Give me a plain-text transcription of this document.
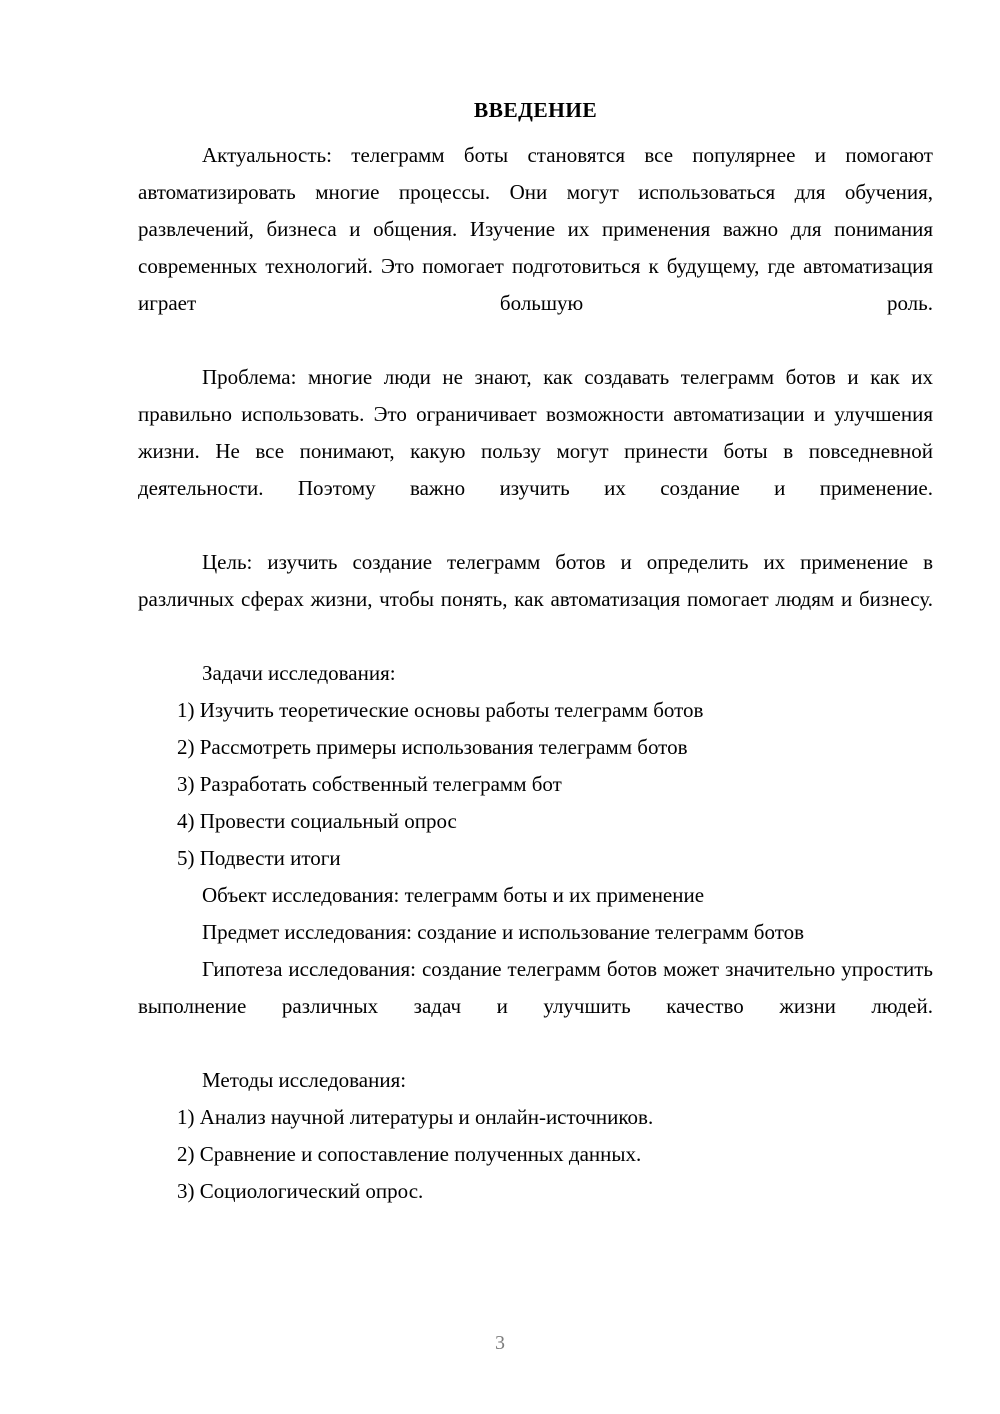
ВВЕДЕНИЕ

Актуальность: телеграмм боты становятся все популярнее и помогают автоматизировать многие процессы. Они могут использоваться для обучения, развлечений, бизнеса и общения. Изучение их применения важно для понимания современных технологий. Это помогает подготовиться к будущему, где автоматизация играет большую роль.

Проблема: многие люди не знают, как создавать телеграмм ботов и как их правильно использовать. Это ограничивает возможности автоматизации и улучшения жизни. Не все понимают, какую пользу могут принести боты в повседневной деятельности. Поэтому важно изучить их создание и применение.

Цель: изучить создание телеграмм ботов и определить их применение в различных сферах жизни, чтобы понять, как автоматизация помогает людям и бизнесу.

Задачи исследования:

1) Изучить теоретические основы работы телеграмм ботов

2) Рассмотреть примеры использования телеграмм ботов

3) Разработать собственный телеграмм бот

4) Провести социальный опрос

5) Подвести итоги

Объект исследования: телеграмм боты и их применение

Предмет исследования: создание и использование телеграмм ботов

Гипотеза исследования: создание телеграмм ботов может значительно упростить выполнение различных задач и улучшить качество жизни людей.

Методы исследования:

1) Анализ научной литературы и онлайн-источников.

2) Сравнение и сопоставление полученных данных.

3) Социологический опрос.

3
